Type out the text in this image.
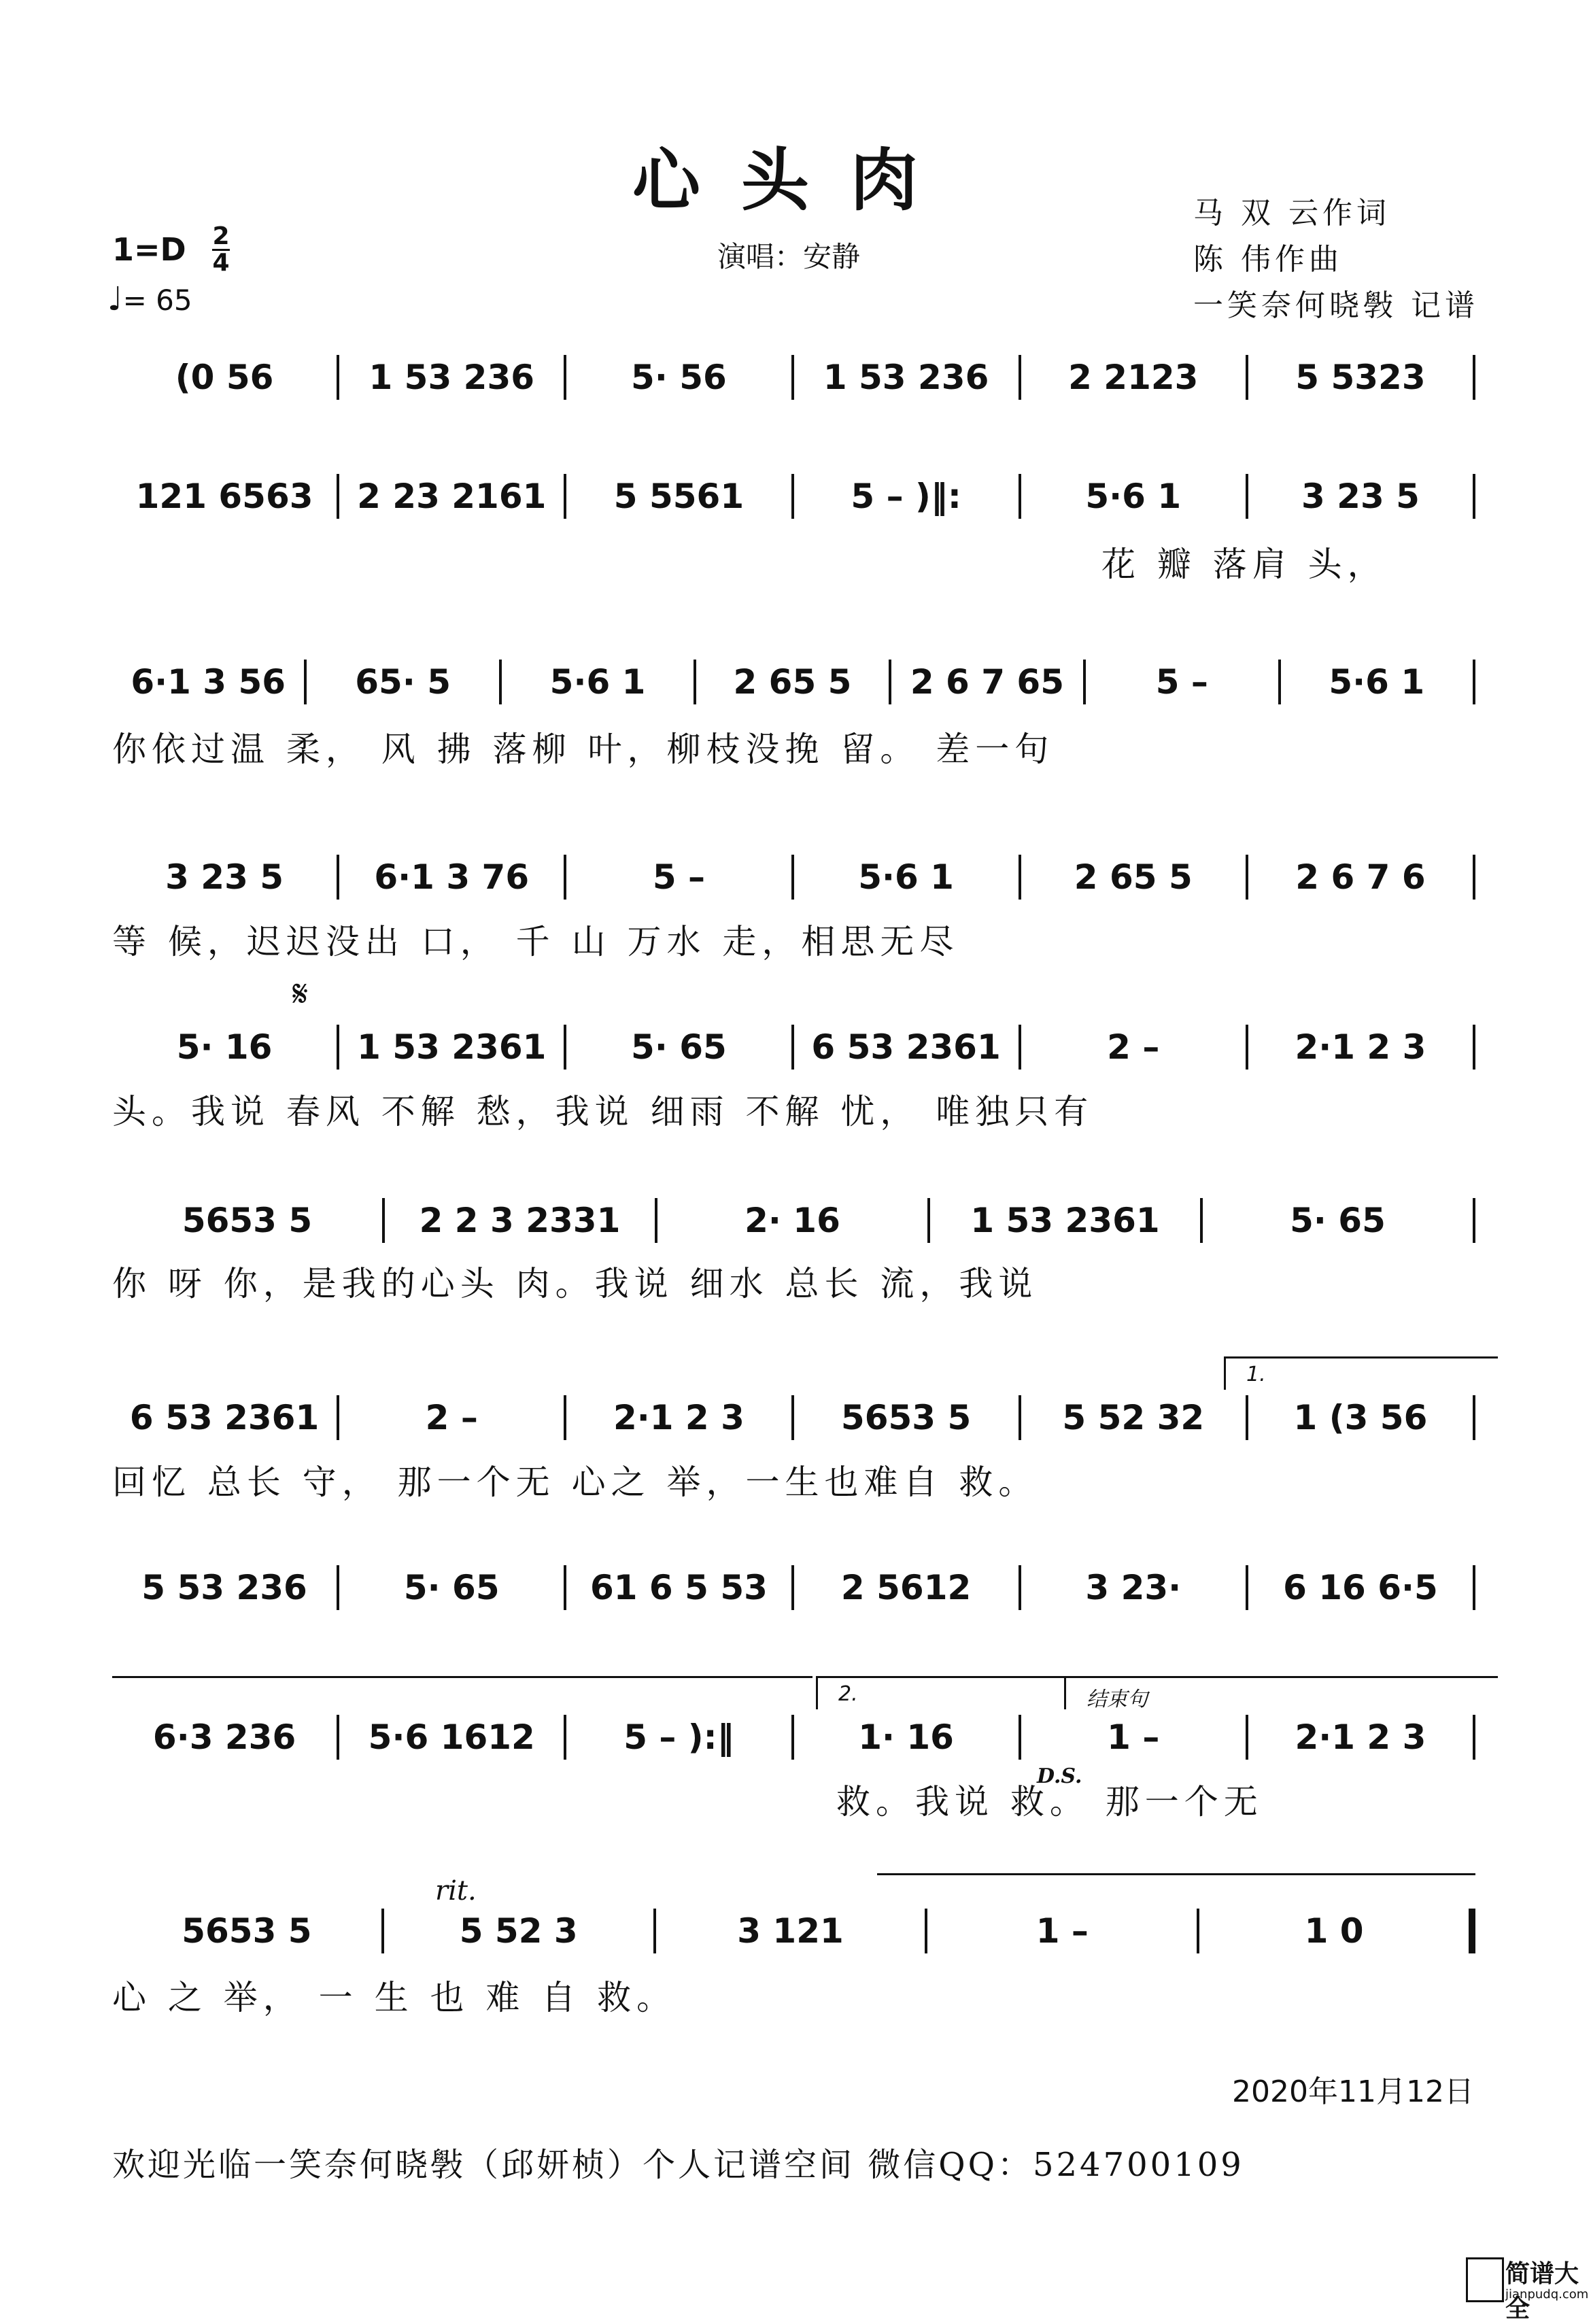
心头肉	马 双 云作词
陈 伟作曲
一笑奈何晓斅 记谱
1=D 2
4	演唱：安静
♩= 65
(0 56	1 53 236	5· 56	1 53 236	2 2123	5 5323
121 6563	2 23 2161	5 5561	5 – )‖:	5·6 1	3 23 5
花 瓣 落肩 头，
6·1 3 56	65· 5	5·6 1	2 65 5	2 6 7 65	5 –	5·6 1
你依过温 柔， 风 拂 落柳 叶，柳枝没挽 留。 差一句
3 23 5	6·1 3 76	5 –	5·6 1	2 65 5	2 6 7 6
等 候，迟迟没出 口， 千 山 万水 走，相思无尽
𝄋
5· 16	1 53 2361	5· 65	6 53 2361	2 –	2·1 2 3
头。我说 春风 不解 愁，我说 细雨 不解 忧， 唯独只有
5653 5	2 2 3 2331	2· 16	1 53 2361	5· 65
你 呀 你，是我的心头 肉。我说 细水 总长 流，我说
1.
6 53 2361	2 –	2·1 2 3	5653 5	5 52 32	1 (3 56
回忆 总长 守， 那一个无 心之 举，一生也难自 救。
5 53 236	5· 65	61 6 5 53	2 5612	3 23·	6 16 6·5
2.	结束句
6·3 236	5·6 1612	5 – ):‖	1· 16	1 –	2·1 2 3
D.S.
救。我说 救。 那一个无
rit.
5653 5	5 52 3	3 121	1 –	1 0
心 之 举， 一 生 也 难 自 救。
2020年11月12日
欢迎光临一笑奈何晓斅（邱妍桢）个人记谱空间 微信QQ：524700109
简谱大全
jianpudq.com
